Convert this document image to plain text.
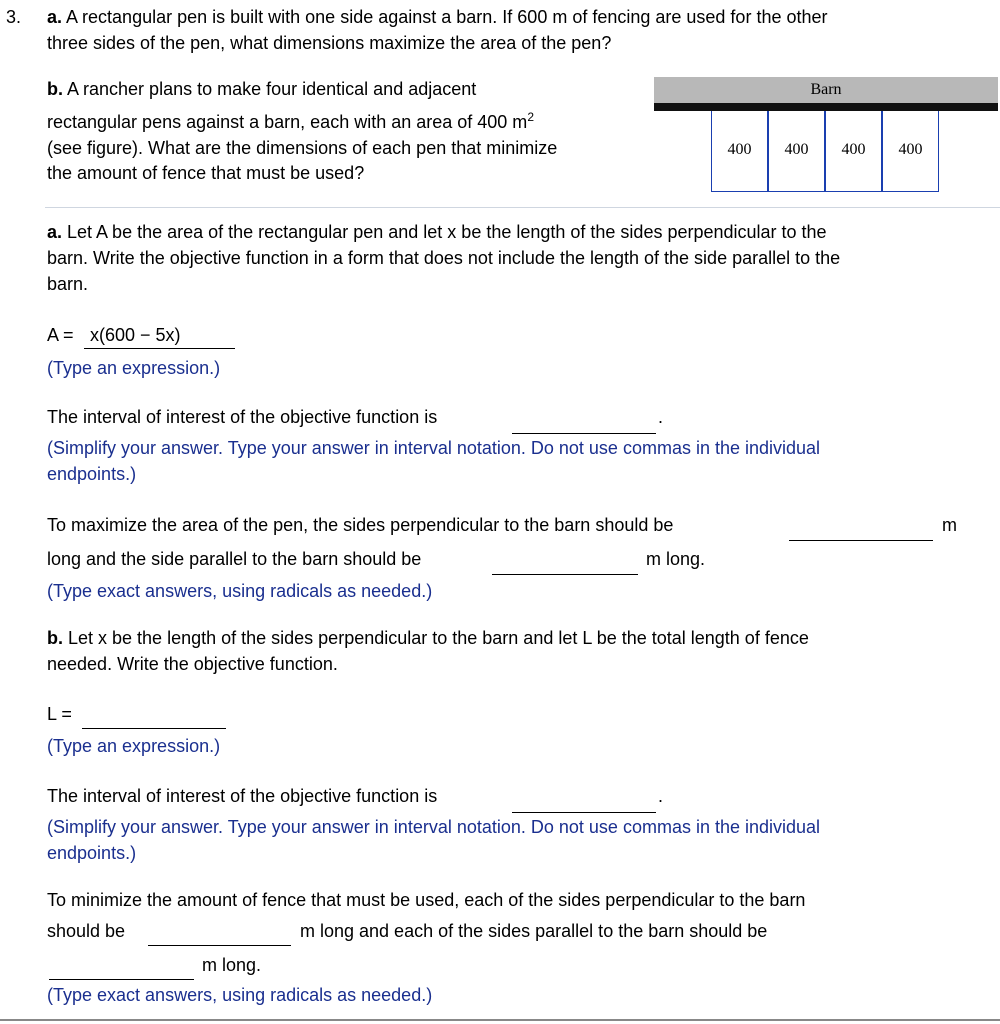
3. a. A rectangular pen is built with one side against a barn. If 600 m of fencing are used for the other
three sides of the pen, what dimensions maximize the area of the pen?
b. A rancher plans to make four identical and adjacent
rectangular pens against a barn, each with an area of 400 $m^2$
(see figure). What are the dimensions of each pen that minimize
the amount of fence that must be used?
Barn
400	400	400	400
a. Let A be the area of the rectangular pen and let x be the length of the sides perpendicular to the
barn. Write the objective function in a form that does not include the length of the side parallel to the
barn.
A = x(600 − 5x)
(Type an expression.)
The interval of interest of the objective function is	.
(Simplify your answer. Type your answer in interval notation. Do not use commas in the individual
endpoints.)
To maximize the area of the pen, the sides perpendicular to the barn should be	m
long and the side parallel to the barn should be	m long.
(Type exact answers, using radicals as needed.)
b. Let x be the length of the sides perpendicular to the barn and let L be the total length of fence
needed. Write the objective function.
L =
(Type an expression.)
The interval of interest of the objective function is	.
(Simplify your answer. Type your answer in interval notation. Do not use commas in the individual
endpoints.)
To minimize the amount of fence that must be used, each of the sides perpendicular to the barn
should be	m long and each of the sides parallel to the barn should be
m long.
(Type exact answers, using radicals as needed.)
